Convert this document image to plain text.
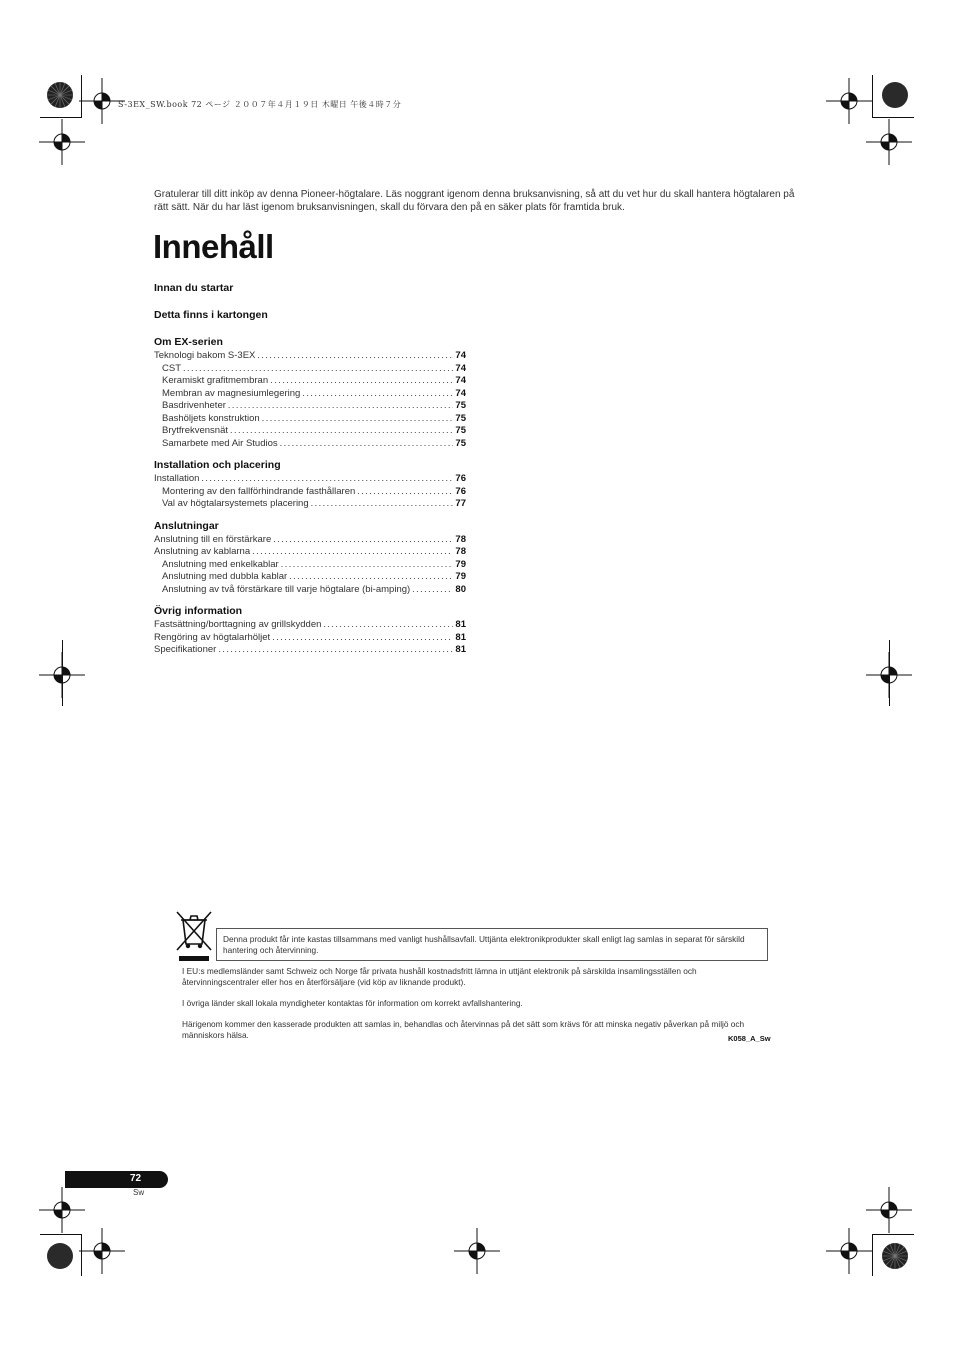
S-3EX_SW.book 72 ページ ２００７年４月１９日 木曜日 午後４時７分
Gratulerar till ditt inköp av denna Pioneer-högtalare. Läs noggrant igenom denna bruksanvisning, så att du vet hur du skall hantera högtalaren på rätt sätt. När du har läst igenom bruksanvisningen, skall du förvara den på en säker plats för framtida bruk.
Innehåll
Innan du startar
Detta finns i kartongen
Om EX-serien
Teknologi bakom S-3EX . . .	74
CST . . .	74
Keramiskt grafitmembran . . .	74
Membran av magnesiumlegering . . .	74
Basdrivenheter . . .	75
Bashöljets konstruktion . . .	75
Brytfrekvensnät . . .	75
Samarbete med Air Studios . . .	75
Installation och placering
Installation . . .	76
Montering av den fallförhindrande fasthållaren . . .	76
Val av högtalarsystemets placering . . .	77
Anslutningar
Anslutning till en förstärkare . . .	78
Anslutning av kablarna . . .	78
Anslutning med enkelkablar . . .	79
Anslutning med dubbla kablar . . .	79
Anslutning av två förstärkare till varje högtalare (bi-amping) . . .	80
Övrig information
Fastsättning/borttagning av grillskydden . . .	81
Rengöring av högtalarhöljet . . .	81
Specifikationer . . .	81
Denna produkt får inte kastas tillsammans med vanligt hushållsavfall. Uttjänta elektronikprodukter skall enligt lag samlas in separat för särskild hantering och återvinning.

I EU:s medlemsländer samt Schweiz och Norge får privata hushåll kostnadsfritt lämna in uttjänt elektronik på särskilda insamlingsställen och återvinningscentraler eller hos en återförsäljare (vid köp av liknande produkt).

I övriga länder skall lokala myndigheter kontaktas för information om korrekt avfallshantering.

Härigenom kommer den kasserade produkten att samlas in, behandlas och återvinnas på det sätt som krävs för att minska negativ påverkan på miljö och människors hälsa.	K058_A_Sw
72
Sw
